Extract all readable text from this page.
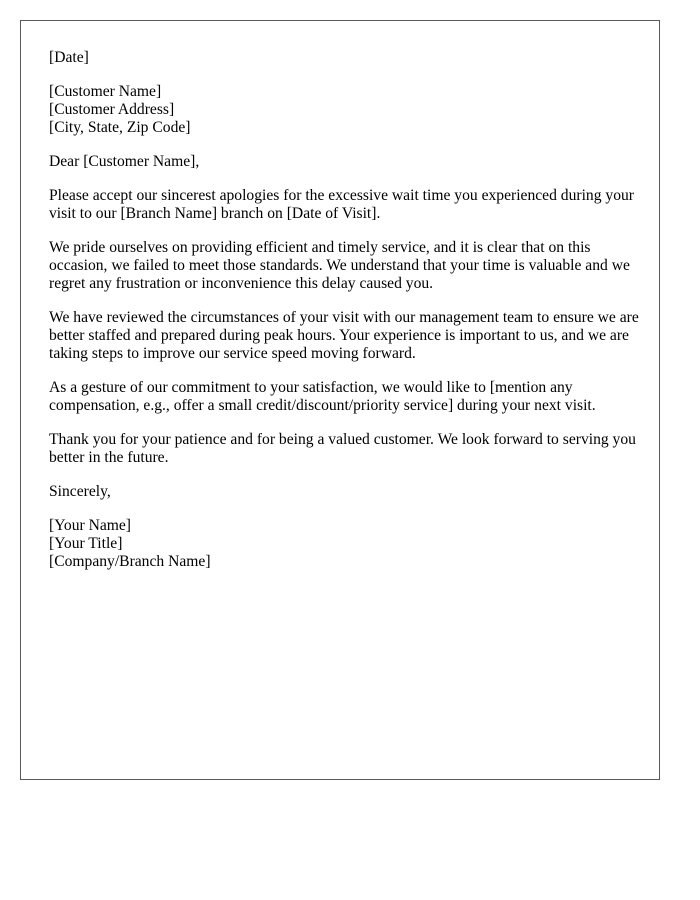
[Date]

[Customer Name]
[Customer Address]
[City, State, Zip Code]

Dear [Customer Name],

Please accept our sincerest apologies for the excessive wait time you experienced during your visit to our [Branch Name] branch on [Date of Visit].

We pride ourselves on providing efficient and timely service, and it is clear that on this occasion, we failed to meet those standards. We understand that your time is valuable and we regret any frustration or inconvenience this delay caused you.

We have reviewed the circumstances of your visit with our management team to ensure we are better staffed and prepared during peak hours. Your experience is important to us, and we are taking steps to improve our service speed moving forward.

As a gesture of our commitment to your satisfaction, we would like to [mention any compensation, e.g., offer a small credit/discount/priority service] during your next visit.

Thank you for your patience and for being a valued customer. We look forward to serving you better in the future.

Sincerely,

[Your Name]
[Your Title]
[Company/Branch Name]
